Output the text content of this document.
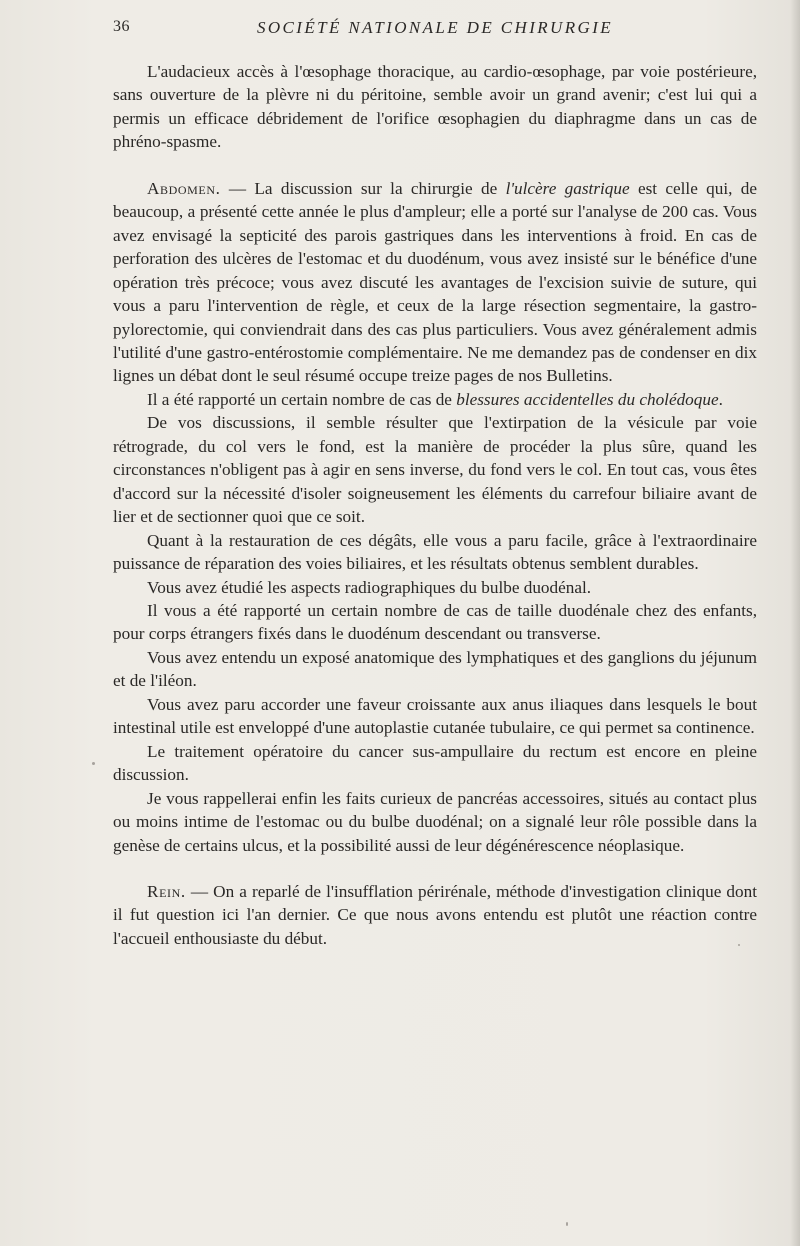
36	SOCIÉTÉ NATIONALE DE CHIRURGIE

L'audacieux accès à l'œsophage thoracique, au cardio-œsophage, par voie postérieure, sans ouverture de la plèvre ni du péritoine, semble avoir un grand avenir; c'est lui qui a permis un efficace débridement de l'orifice œsophagien du diaphragme dans un cas de phréno-spasme.

Abdomen. — La discussion sur la chirurgie de l'ulcère gastrique est celle qui, de beaucoup, a présenté cette année le plus d'ampleur; elle a porté sur l'analyse de 200 cas. Vous avez envisagé la septicité des parois gastriques dans les interventions à froid. En cas de perforation des ulcères de l'estomac et du duodénum, vous avez insisté sur le bénéfice d'une opération très précoce; vous avez discuté les avantages de l'excision suivie de suture, qui vous a paru l'intervention de règle, et ceux de la large résection segmentaire, la gastro-pylorectomie, qui conviendrait dans des cas plus particuliers. Vous avez généralement admis l'utilité d'une gastro-entérostomie complémentaire. Ne me demandez pas de condenser en dix lignes un débat dont le seul résumé occupe treize pages de nos Bulletins.

Il a été rapporté un certain nombre de cas de blessures accidentelles du cholédoque.

De vos discussions, il semble résulter que l'extirpation de la vésicule par voie rétrograde, du col vers le fond, est la manière de procéder la plus sûre, quand les circonstances n'obligent pas à agir en sens inverse, du fond vers le col. En tout cas, vous êtes d'accord sur la nécessité d'isoler soigneusement les éléments du carrefour biliaire avant de lier et de sectionner quoi que ce soit.

Quant à la restauration de ces dégâts, elle vous a paru facile, grâce à l'extraordinaire puissance de réparation des voies biliaires, et les résultats obtenus semblent durables.

Vous avez étudié les aspects radiographiques du bulbe duodénal.

Il vous a été rapporté un certain nombre de cas de taille duodénale chez des enfants, pour corps étrangers fixés dans le duodénum descendant ou transverse.

Vous avez entendu un exposé anatomique des lymphatiques et des ganglions du jéjunum et de l'iléon.

Vous avez paru accorder une faveur croissante aux anus iliaques dans lesquels le bout intestinal utile est enveloppé d'une autoplastie cutanée tubulaire, ce qui permet sa continence.

Le traitement opératoire du cancer sus-ampullaire du rectum est encore en pleine discussion.

Je vous rappellerai enfin les faits curieux de pancréas accessoires, situés au contact plus ou moins intime de l'estomac ou du bulbe duodénal; on a signalé leur rôle possible dans la genèse de certains ulcus, et la possibilité aussi de leur dégénérescence néoplasique.

Rein. — On a reparlé de l'insufflation périrénale, méthode d'investigation clinique dont il fut question ici l'an dernier. Ce que nous avons entendu est plutôt une réaction contre l'accueil enthousiaste du début.
